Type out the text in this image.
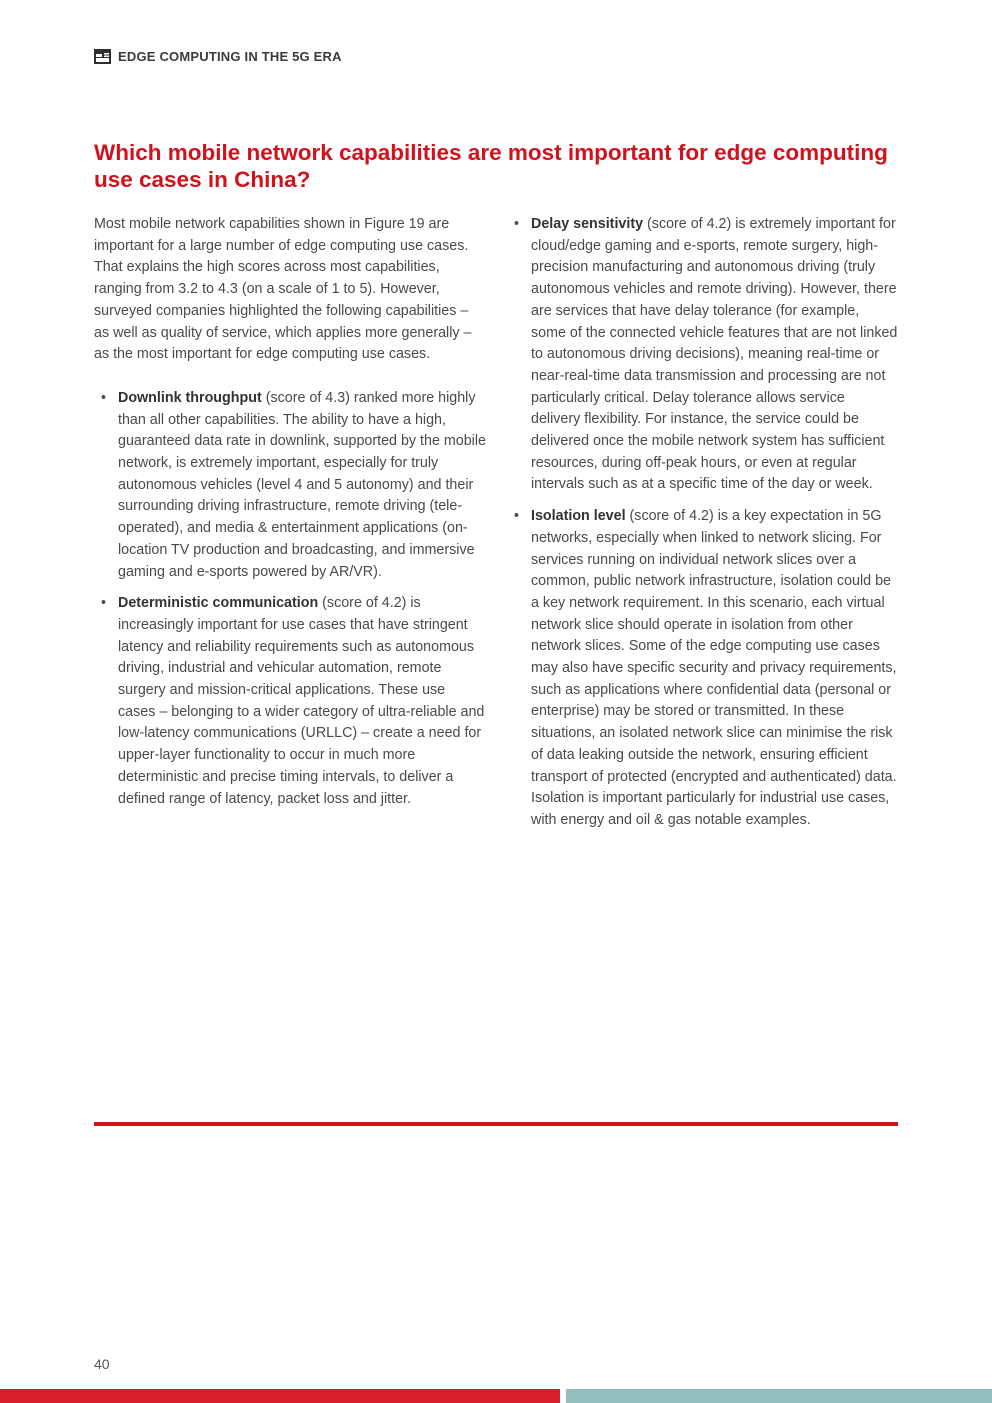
EDGE COMPUTING IN THE 5G ERA
Which mobile network capabilities are most important for edge computing use cases in China?

Most mobile network capabilities shown in Figure 19 are important for a large number of edge computing use cases. That explains the high scores across most capabilities, ranging from 3.2 to 4.3 (on a scale of 1 to 5). However, surveyed companies highlighted the following capabilities – as well as quality of service, which applies more generally – as the most important for edge computing use cases.

• Downlink throughput (score of 4.3) ranked more highly than all other capabilities. The ability to have a high, guaranteed data rate in downlink, supported by the mobile network, is extremely important, especially for truly autonomous vehicles (level 4 and 5 autonomy) and their surrounding driving infrastructure, remote driving (tele-operated), and media & entertainment applications (on-location TV production and broadcasting, and immersive gaming and e-sports powered by AR/VR).
• Deterministic communication (score of 4.2) is increasingly important for use cases that have stringent latency and reliability requirements such as autonomous driving, industrial and vehicular automation, remote surgery and mission-critical applications. These use cases – belonging to a wider category of ultra-reliable and low-latency communications (URLLC) – create a need for upper-layer functionality to occur in much more deterministic and precise timing intervals, to deliver a defined range of latency, packet loss and jitter.
• Delay sensitivity (score of 4.2) is extremely important for cloud/edge gaming and e-sports, remote surgery, high-precision manufacturing and autonomous driving (truly autonomous vehicles and remote driving). However, there are services that have delay tolerance (for example, some of the connected vehicle features that are not linked to autonomous driving decisions), meaning real-time or near-real-time data transmission and processing are not particularly critical. Delay tolerance allows service delivery flexibility. For instance, the service could be delivered once the mobile network system has sufficient resources, during off-peak hours, or even at regular intervals such as at a specific time of the day or week.
• Isolation level (score of 4.2) is a key expectation in 5G networks, especially when linked to network slicing. For services running on individual network slices over a common, public network infrastructure, isolation could be a key network requirement. In this scenario, each virtual network slice should operate in isolation from other network slices. Some of the edge computing use cases may also have specific security and privacy requirements, such as applications where confidential data (personal or enterprise) may be stored or transmitted. In these situations, an isolated network slice can minimise the risk of data leaking outside the network, ensuring efficient transport of protected (encrypted and authenticated) data. Isolation is important particularly for industrial use cases, with energy and oil & gas notable examples.
40
